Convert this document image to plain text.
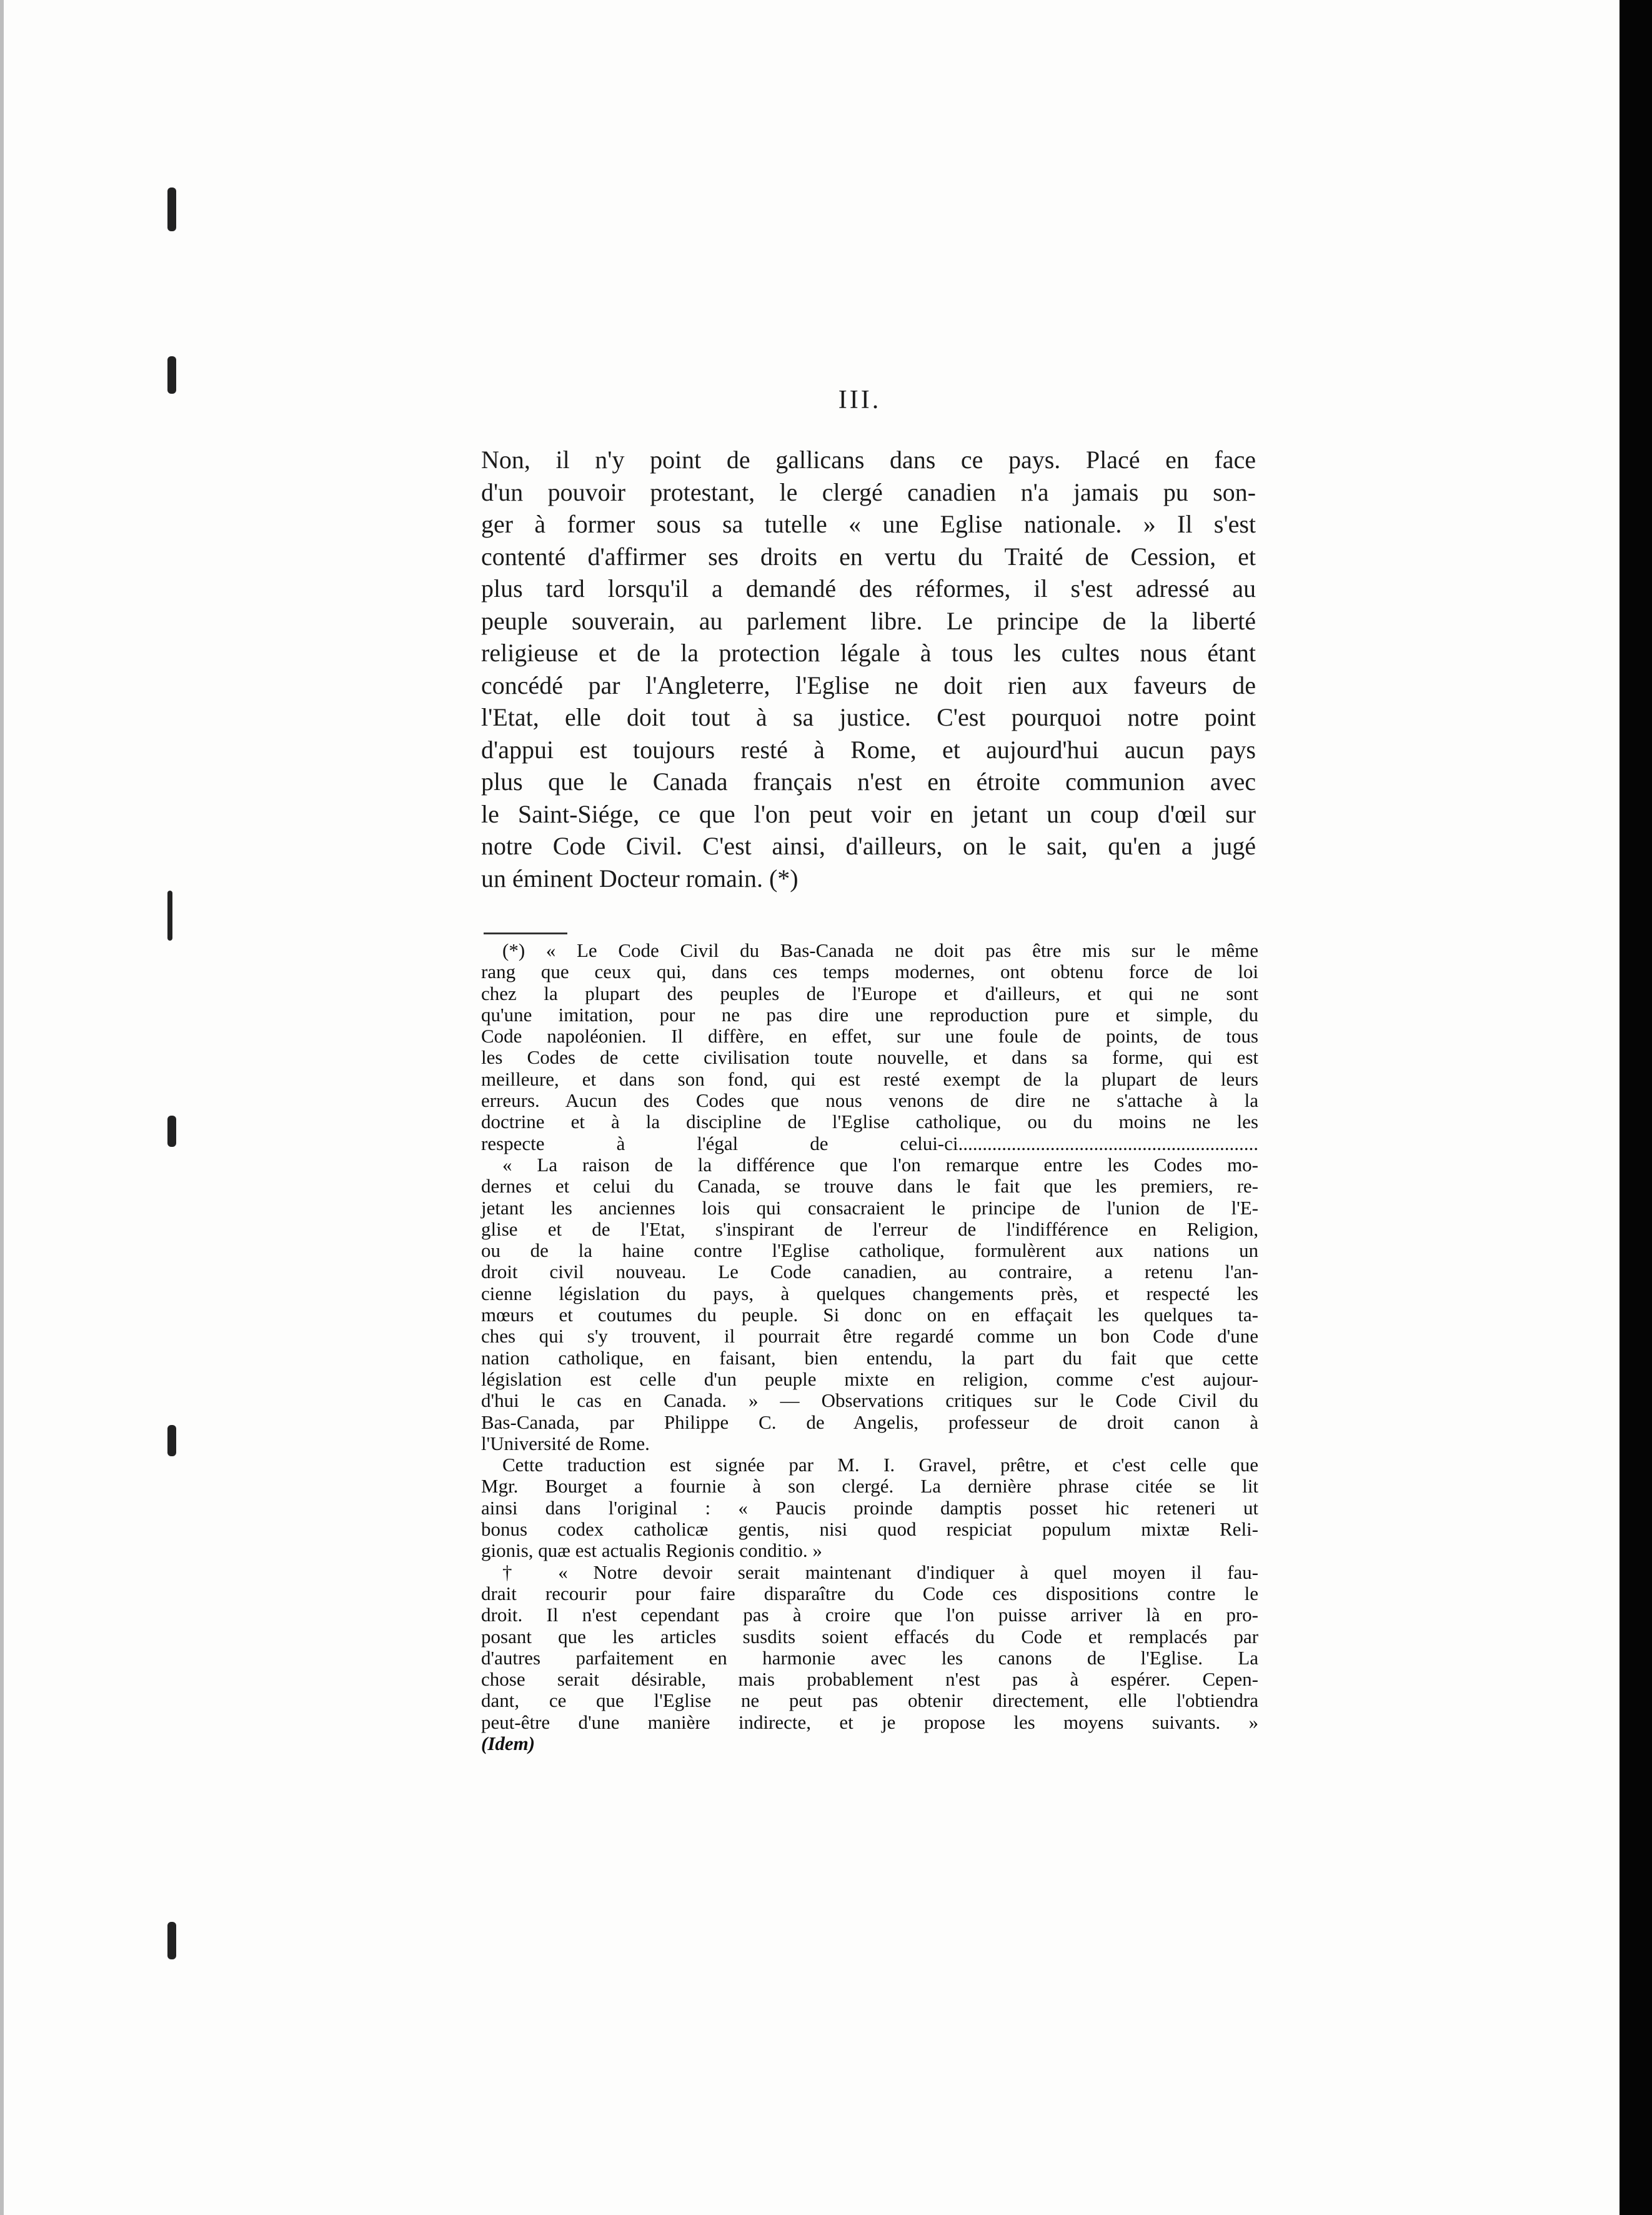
III.
Non, il n'y point de gallicans dans ce pays. Placé en face
d'un pouvoir protestant, le clergé canadien n'a jamais pu son-
ger à former sous sa tutelle « une Eglise nationale. » Il s'est
contenté d'affirmer ses droits en vertu du Traité de Cession, et
plus tard lorsqu'il a demandé des réformes, il s'est adressé au
peuple souverain, au parlement libre. Le principe de la liberté
religieuse et de la protection légale à tous les cultes nous étant
concédé par l'Angleterre, l'Eglise ne doit rien aux faveurs de
l'Etat, elle doit tout à sa justice. C'est pourquoi notre point
d'appui est toujours resté à Rome, et aujourd'hui aucun pays
plus que le Canada français n'est en étroite communion avec
le Saint-Siége, ce que l'on peut voir en jetant un coup d'œil sur
notre Code Civil. C'est ainsi, d'ailleurs, on le sait, qu'en a jugé
un éminent Docteur romain. (*)
(*) « Le Code Civil du Bas-Canada ne doit pas être mis sur le même
rang que ceux qui, dans ces temps modernes, ont obtenu force de loi
chez la plupart des peuples de l'Europe et d'ailleurs, et qui ne sont
qu'une imitation, pour ne pas dire une reproduction pure et simple, du
Code napoléonien. Il diffère, en effet, sur une foule de points, de tous
les Codes de cette civilisation toute nouvelle, et dans sa forme, qui est
meilleure, et dans son fond, qui est resté exempt de la plupart de leurs
erreurs. Aucun des Codes que nous venons de dire ne s'attache à la
doctrine et à la discipline de l'Eglise catholique, ou du moins ne les
respecte à l'égal de celui-ci..............................................................
« La raison de la différence que l'on remarque entre les Codes mo-
dernes et celui du Canada, se trouve dans le fait que les premiers, re-
jetant les anciennes lois qui consacraient le principe de l'union de l'E-
glise et de l'Etat, s'inspirant de l'erreur de l'indifférence en Religion,
ou de la haine contre l'Eglise catholique, formulèrent aux nations un
droit civil nouveau. Le Code canadien, au contraire, a retenu l'an-
cienne législation du pays, à quelques changements près, et respecté les
mœurs et coutumes du peuple. Si donc on en effaçait les quelques ta-
ches qui s'y trouvent, il pourrait être regardé comme un bon Code d'une
nation catholique, en faisant, bien entendu, la part du fait que cette
législation est celle d'un peuple mixte en religion, comme c'est aujour-
d'hui le cas en Canada. » — Observations critiques sur le Code Civil du
Bas-Canada, par Philippe C. de Angelis, professeur de droit canon à
l'Université de Rome.
Cette traduction est signée par M. I. Gravel, prêtre, et c'est celle que
Mgr. Bourget a fournie à son clergé. La dernière phrase citée se lit
ainsi dans l'original : « Paucis proinde damptis posset hic reteneri ut
bonus codex catholicæ gentis, nisi quod respiciat populum mixtæ Reli-
gionis, quæ est actualis Regionis conditio. »
† « Notre devoir serait maintenant d'indiquer à quel moyen il fau-
drait recourir pour faire disparaître du Code ces dispositions contre le
droit. Il n'est cependant pas à croire que l'on puisse arriver là en pro-
posant que les articles susdits soient effacés du Code et remplacés par
d'autres parfaitement en harmonie avec les canons de l'Eglise. La
chose serait désirable, mais probablement n'est pas à espérer. Cepen-
dant, ce que l'Eglise ne peut pas obtenir directement, elle l'obtiendra
peut-être d'une manière indirecte, et je propose les moyens suivants. »
(Idem)
